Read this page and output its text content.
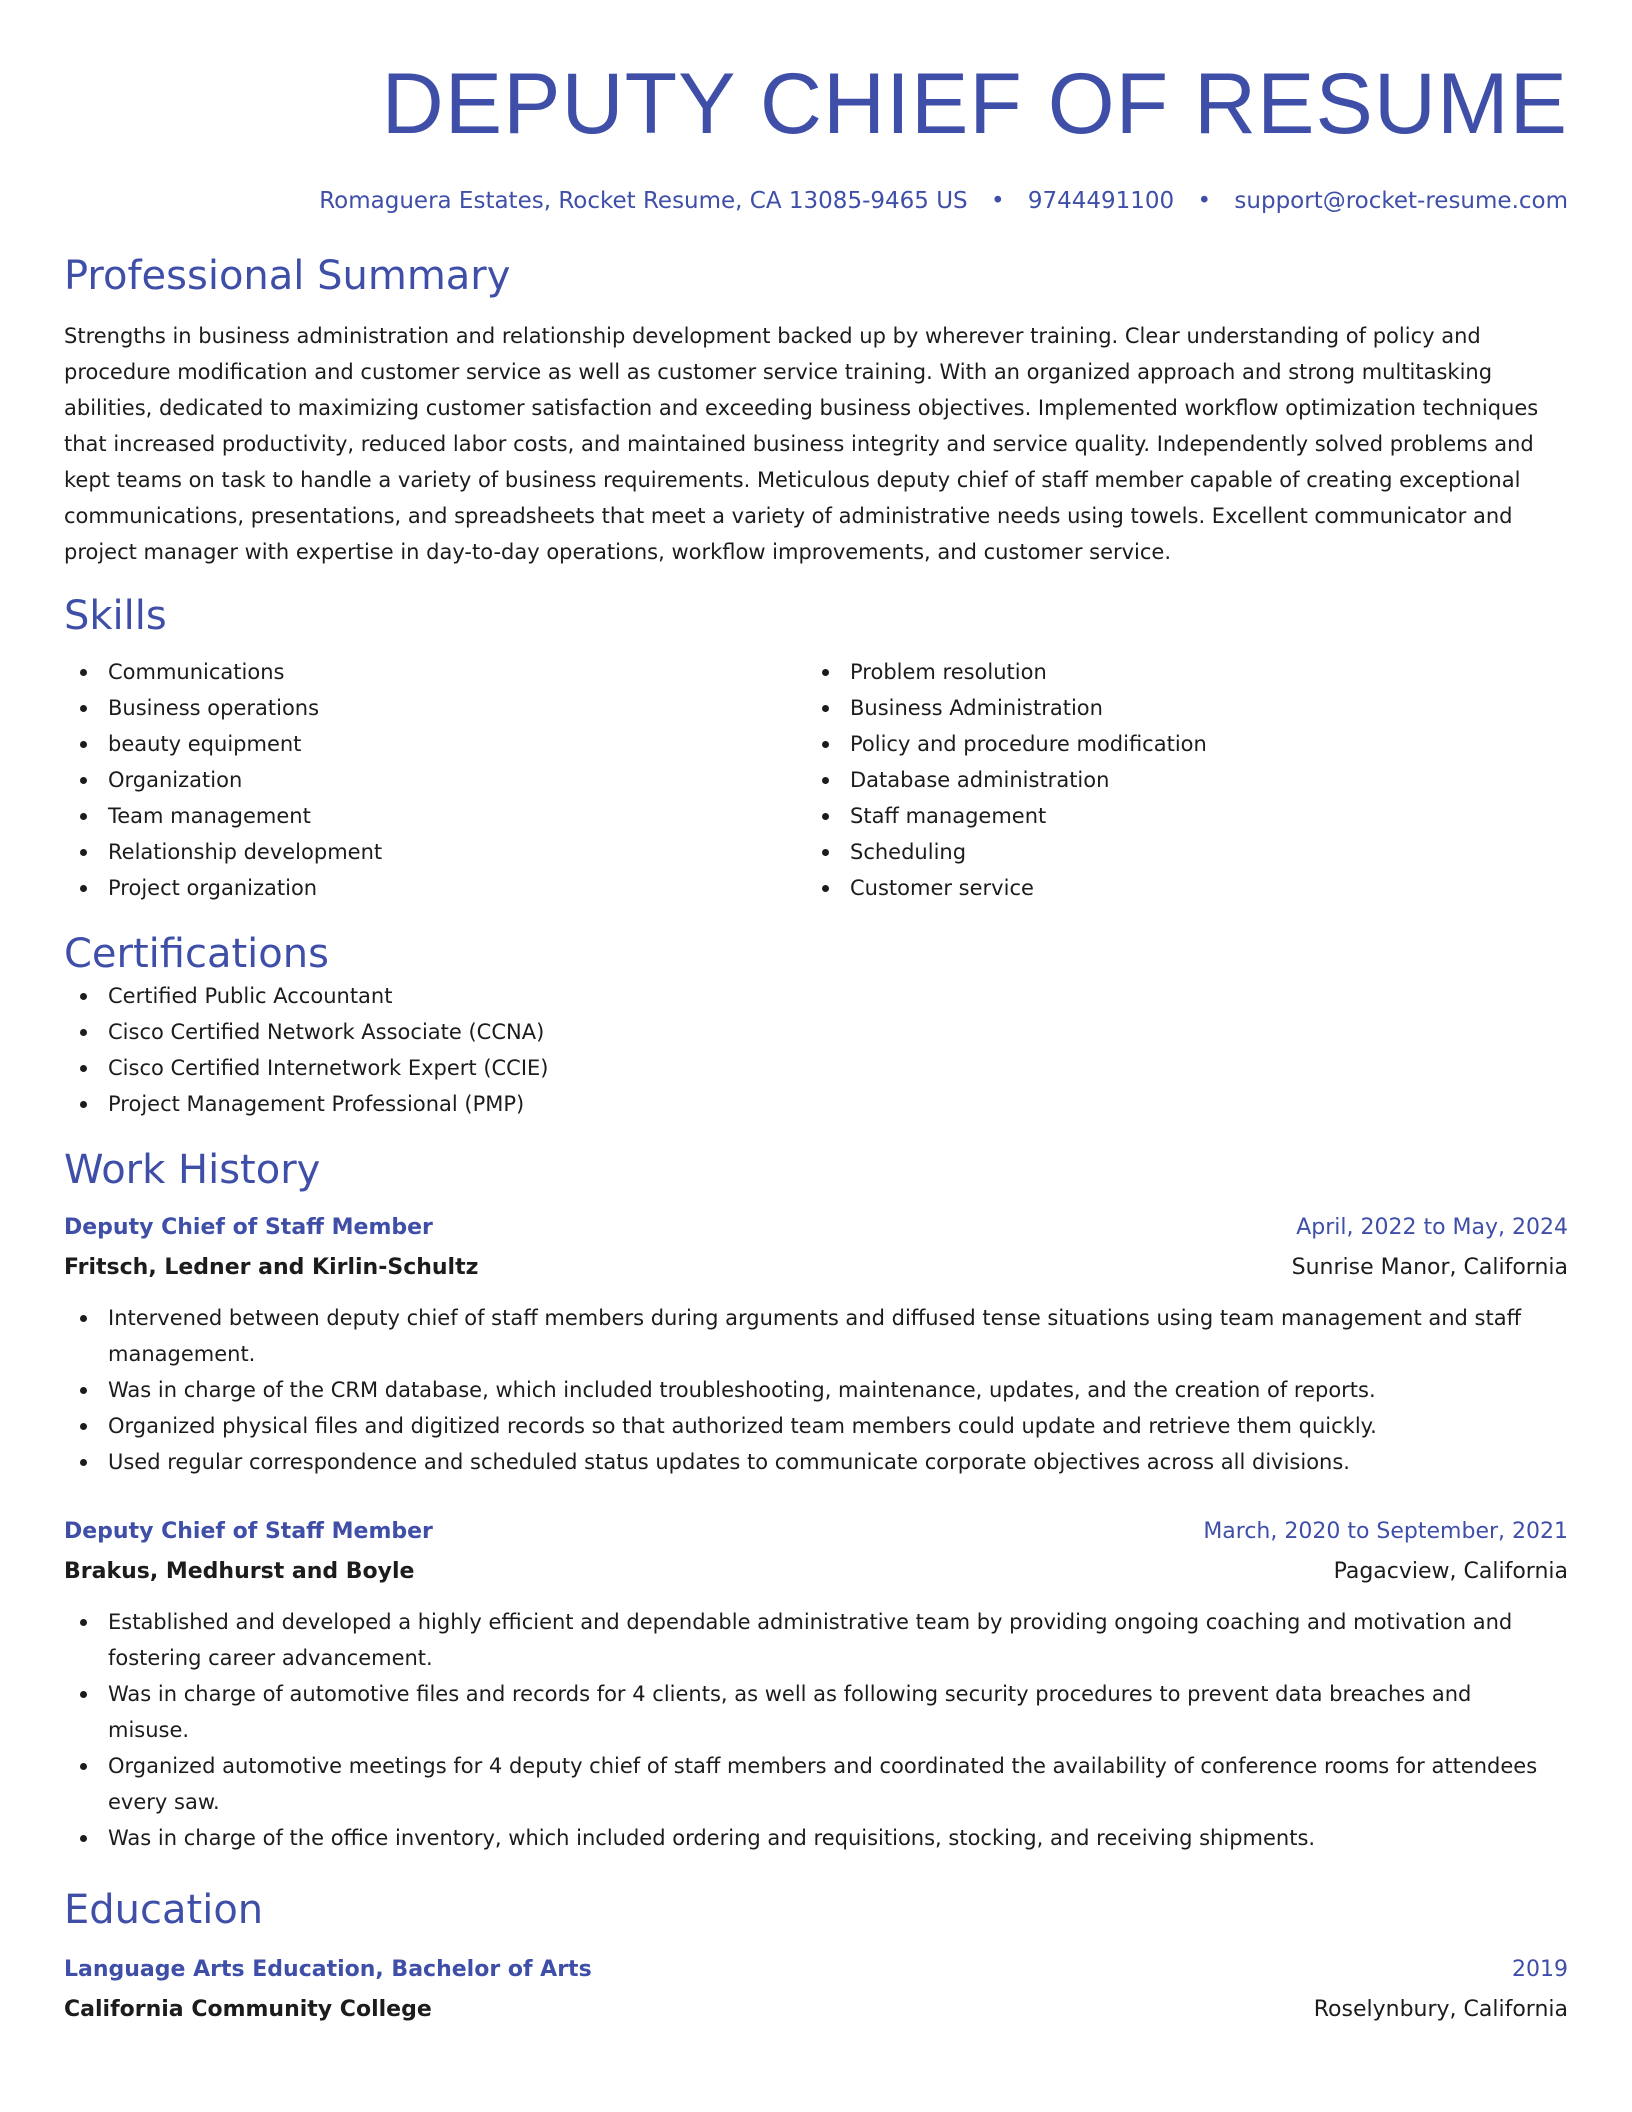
DEPUTY CHIEF OF RESUME
Romaguera Estates, Rocket Resume, CA 13085-9465 US • 9744491100 • support@rocket-resume.com
Professional Summary
Strengths in business administration and relationship development backed up by wherever training. Clear understanding of policy and procedure modification and customer service as well as customer service training. With an organized approach and strong multitasking abilities, dedicated to maximizing customer satisfaction and exceeding business objectives. Implemented workflow optimization techniques that increased productivity, reduced labor costs, and maintained business integrity and service quality. Independently solved problems and kept teams on task to handle a variety of business requirements. Meticulous deputy chief of staff member capable of creating exceptional communications, presentations, and spreadsheets that meet a variety of administrative needs using towels. Excellent communicator and project manager with expertise in day-to-day operations, workflow improvements, and customer service.
Skills
Communications
Business operations
beauty equipment
Organization
Team management
Relationship development
Project organization
Problem resolution
Business Administration
Policy and procedure modification
Database administration
Staff management
Scheduling
Customer service
Certifications
Certified Public Accountant
Cisco Certified Network Associate (CCNA)
Cisco Certified Internetwork Expert (CCIE)
Project Management Professional (PMP)
Work History
Deputy Chief of Staff Member	April, 2022 to May, 2024
Fritsch, Ledner and Kirlin-Schultz	Sunrise Manor, California
Intervened between deputy chief of staff members during arguments and diffused tense situations using team management and staff management.
Was in charge of the CRM database, which included troubleshooting, maintenance, updates, and the creation of reports.
Organized physical files and digitized records so that authorized team members could update and retrieve them quickly.
Used regular correspondence and scheduled status updates to communicate corporate objectives across all divisions.
Deputy Chief of Staff Member	March, 2020 to September, 2021
Brakus, Medhurst and Boyle	Pagacview, California
Established and developed a highly efficient and dependable administrative team by providing ongoing coaching and motivation and fostering career advancement.
Was in charge of automotive files and records for 4 clients, as well as following security procedures to prevent data breaches and misuse.
Organized automotive meetings for 4 deputy chief of staff members and coordinated the availability of conference rooms for attendees every saw.
Was in charge of the office inventory, which included ordering and requisitions, stocking, and receiving shipments.
Education
Language Arts Education, Bachelor of Arts	2019
California Community College	Roselynbury, California
